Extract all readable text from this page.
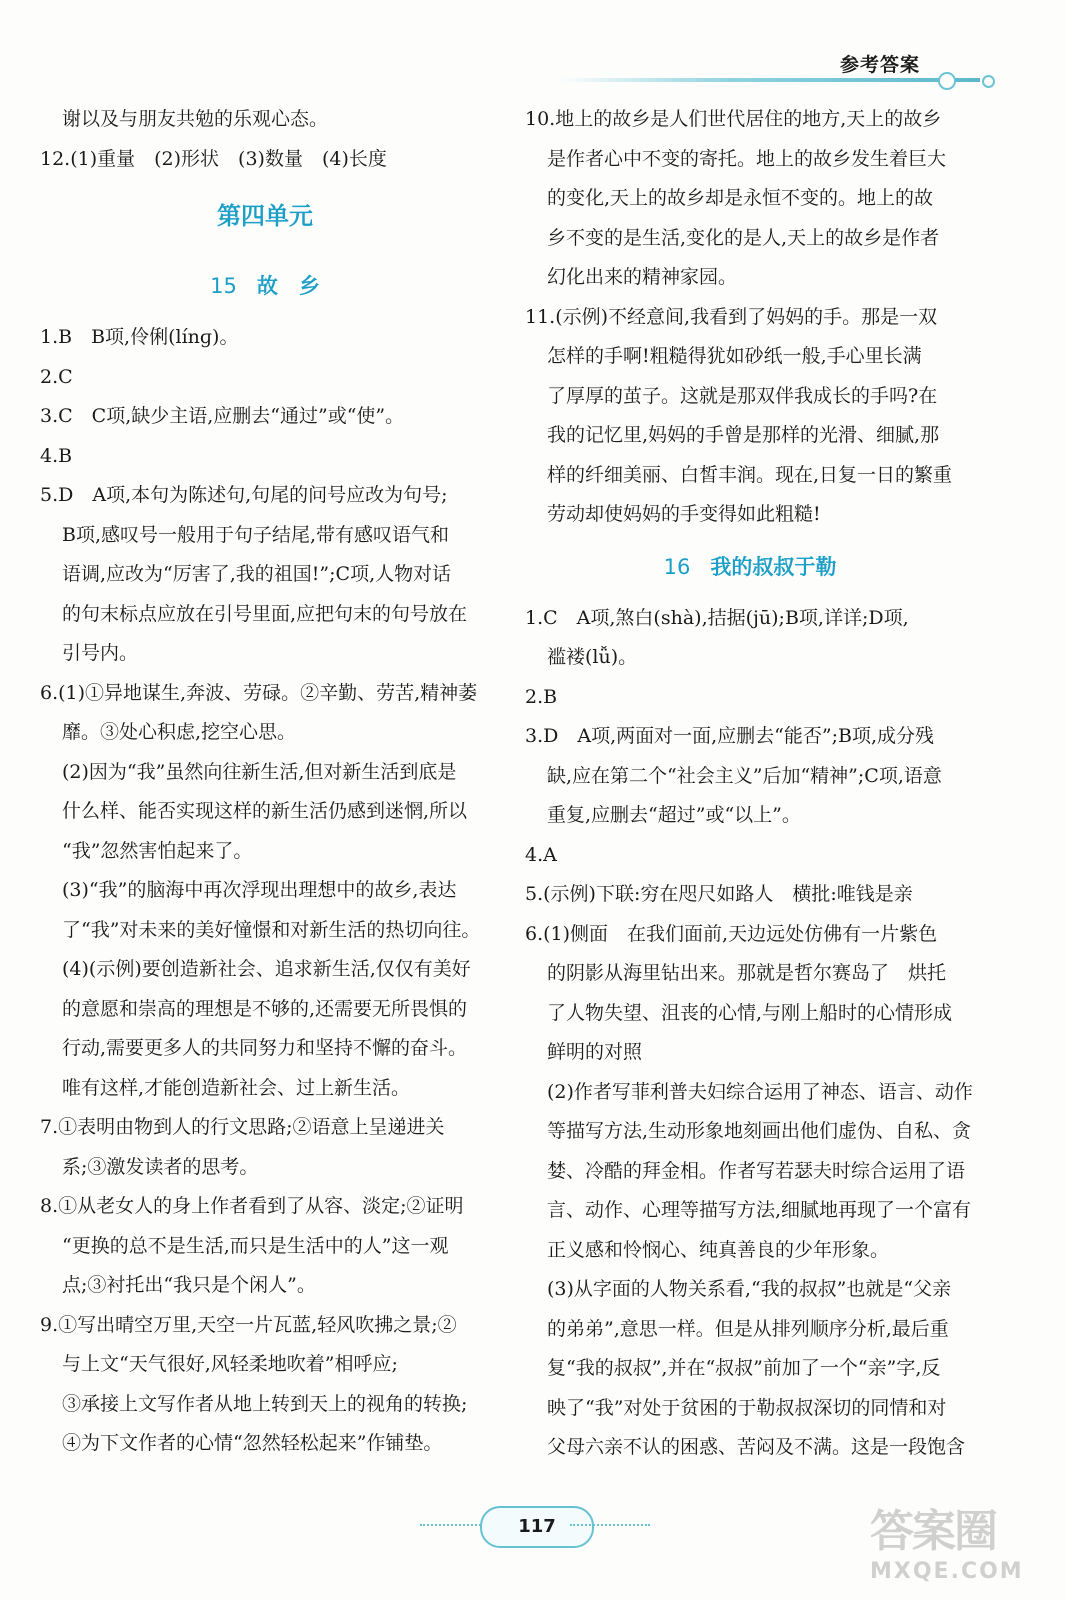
参考答案
谢以及与朋友共勉的乐观心态。
12.(1)重量　(2)形状　(3)数量　(4)长度
第四单元
15 故　乡
1.B　B项,伶俐(línɡ)。
2.C
3.C　C项,缺少主语,应删去“通过”或“使”。
4.B
5.D　A项,本句为陈述句,句尾的问号应改为句号;
B项,感叹号一般用于句子结尾,带有感叹语气和
语调,应改为“厉害了,我的祖国!”;C项,人物对话
的句末标点应放在引号里面,应把句末的句号放在
引号内。
6.(1)①异地谋生,奔波、劳碌。②辛勤、劳苦,精神萎
靡。③处心积虑,挖空心思。
(2)因为“我”虽然向往新生活,但对新生活到底是
什么样、能否实现这样的新生活仍感到迷惘,所以
“我”忽然害怕起来了。
(3)“我”的脑海中再次浮现出理想中的故乡,表达
了“我”对未来的美好憧憬和对新生活的热切向往。
(4)(示例)要创造新社会、追求新生活,仅仅有美好
的意愿和崇高的理想是不够的,还需要无所畏惧的
行动,需要更多人的共同努力和坚持不懈的奋斗。
唯有这样,才能创造新社会、过上新生活。
7.①表明由物到人的行文思路;②语意上呈递进关
系;③激发读者的思考。
8.①从老女人的身上作者看到了从容、淡定;②证明
“更换的总不是生活,而只是生活中的人”这一观
点;③衬托出“我只是个闲人”。
9.①写出晴空万里,天空一片瓦蓝,轻风吹拂之景;②
与上文“天气很好,风轻柔地吹着”相呼应;
③承接上文写作者从地上转到天上的视角的转换;
④为下文作者的心情“忽然轻松起来”作铺垫。
10.地上的故乡是人们世代居住的地方,天上的故乡
是作者心中不变的寄托。地上的故乡发生着巨大
的变化,天上的故乡却是永恒不变的。地上的故
乡不变的是生活,变化的是人,天上的故乡是作者
幻化出来的精神家园。
11.(示例)不经意间,我看到了妈妈的手。那是一双
怎样的手啊!粗糙得犹如砂纸一般,手心里长满
了厚厚的茧子。这就是那双伴我成长的手吗?在
我的记忆里,妈妈的手曾是那样的光滑、细腻,那
样的纤细美丽、白皙丰润。现在,日复一日的繁重
劳动却使妈妈的手变得如此粗糙!
16 我的叔叔于勒
1.C　A项,煞白(shà),拮据(jū);B项,详详;D项,
褴褛(lǚ)。
2.B
3.D　A项,两面对一面,应删去“能否”;B项,成分残
缺,应在第二个“社会主义”后加“精神”;C项,语意
重复,应删去“超过”或“以上”。
4.A
5.(示例)下联:穷在咫尺如路人　横批:唯钱是亲
6.(1)侧面　在我们面前,天边远处仿佛有一片紫色
的阴影从海里钻出来。那就是哲尔赛岛了　烘托
了人物失望、沮丧的心情,与刚上船时的心情形成
鲜明的对照
(2)作者写菲利普夫妇综合运用了神态、语言、动作
等描写方法,生动形象地刻画出他们虚伪、自私、贪
婪、冷酷的拜金相。作者写若瑟夫时综合运用了语
言、动作、心理等描写方法,细腻地再现了一个富有
正义感和怜悯心、纯真善良的少年形象。
(3)从字面的人物关系看,“我的叔叔”也就是“父亲
的弟弟”,意思一样。但是从排列顺序分析,最后重
复“我的叔叔”,并在“叔叔”前加了一个“亲”字,反
映了“我”对处于贫困的于勒叔叔深切的同情和对
父母六亲不认的困惑、苦闷及不满。这是一段饱含
117	答案圈
MXQE.COM
